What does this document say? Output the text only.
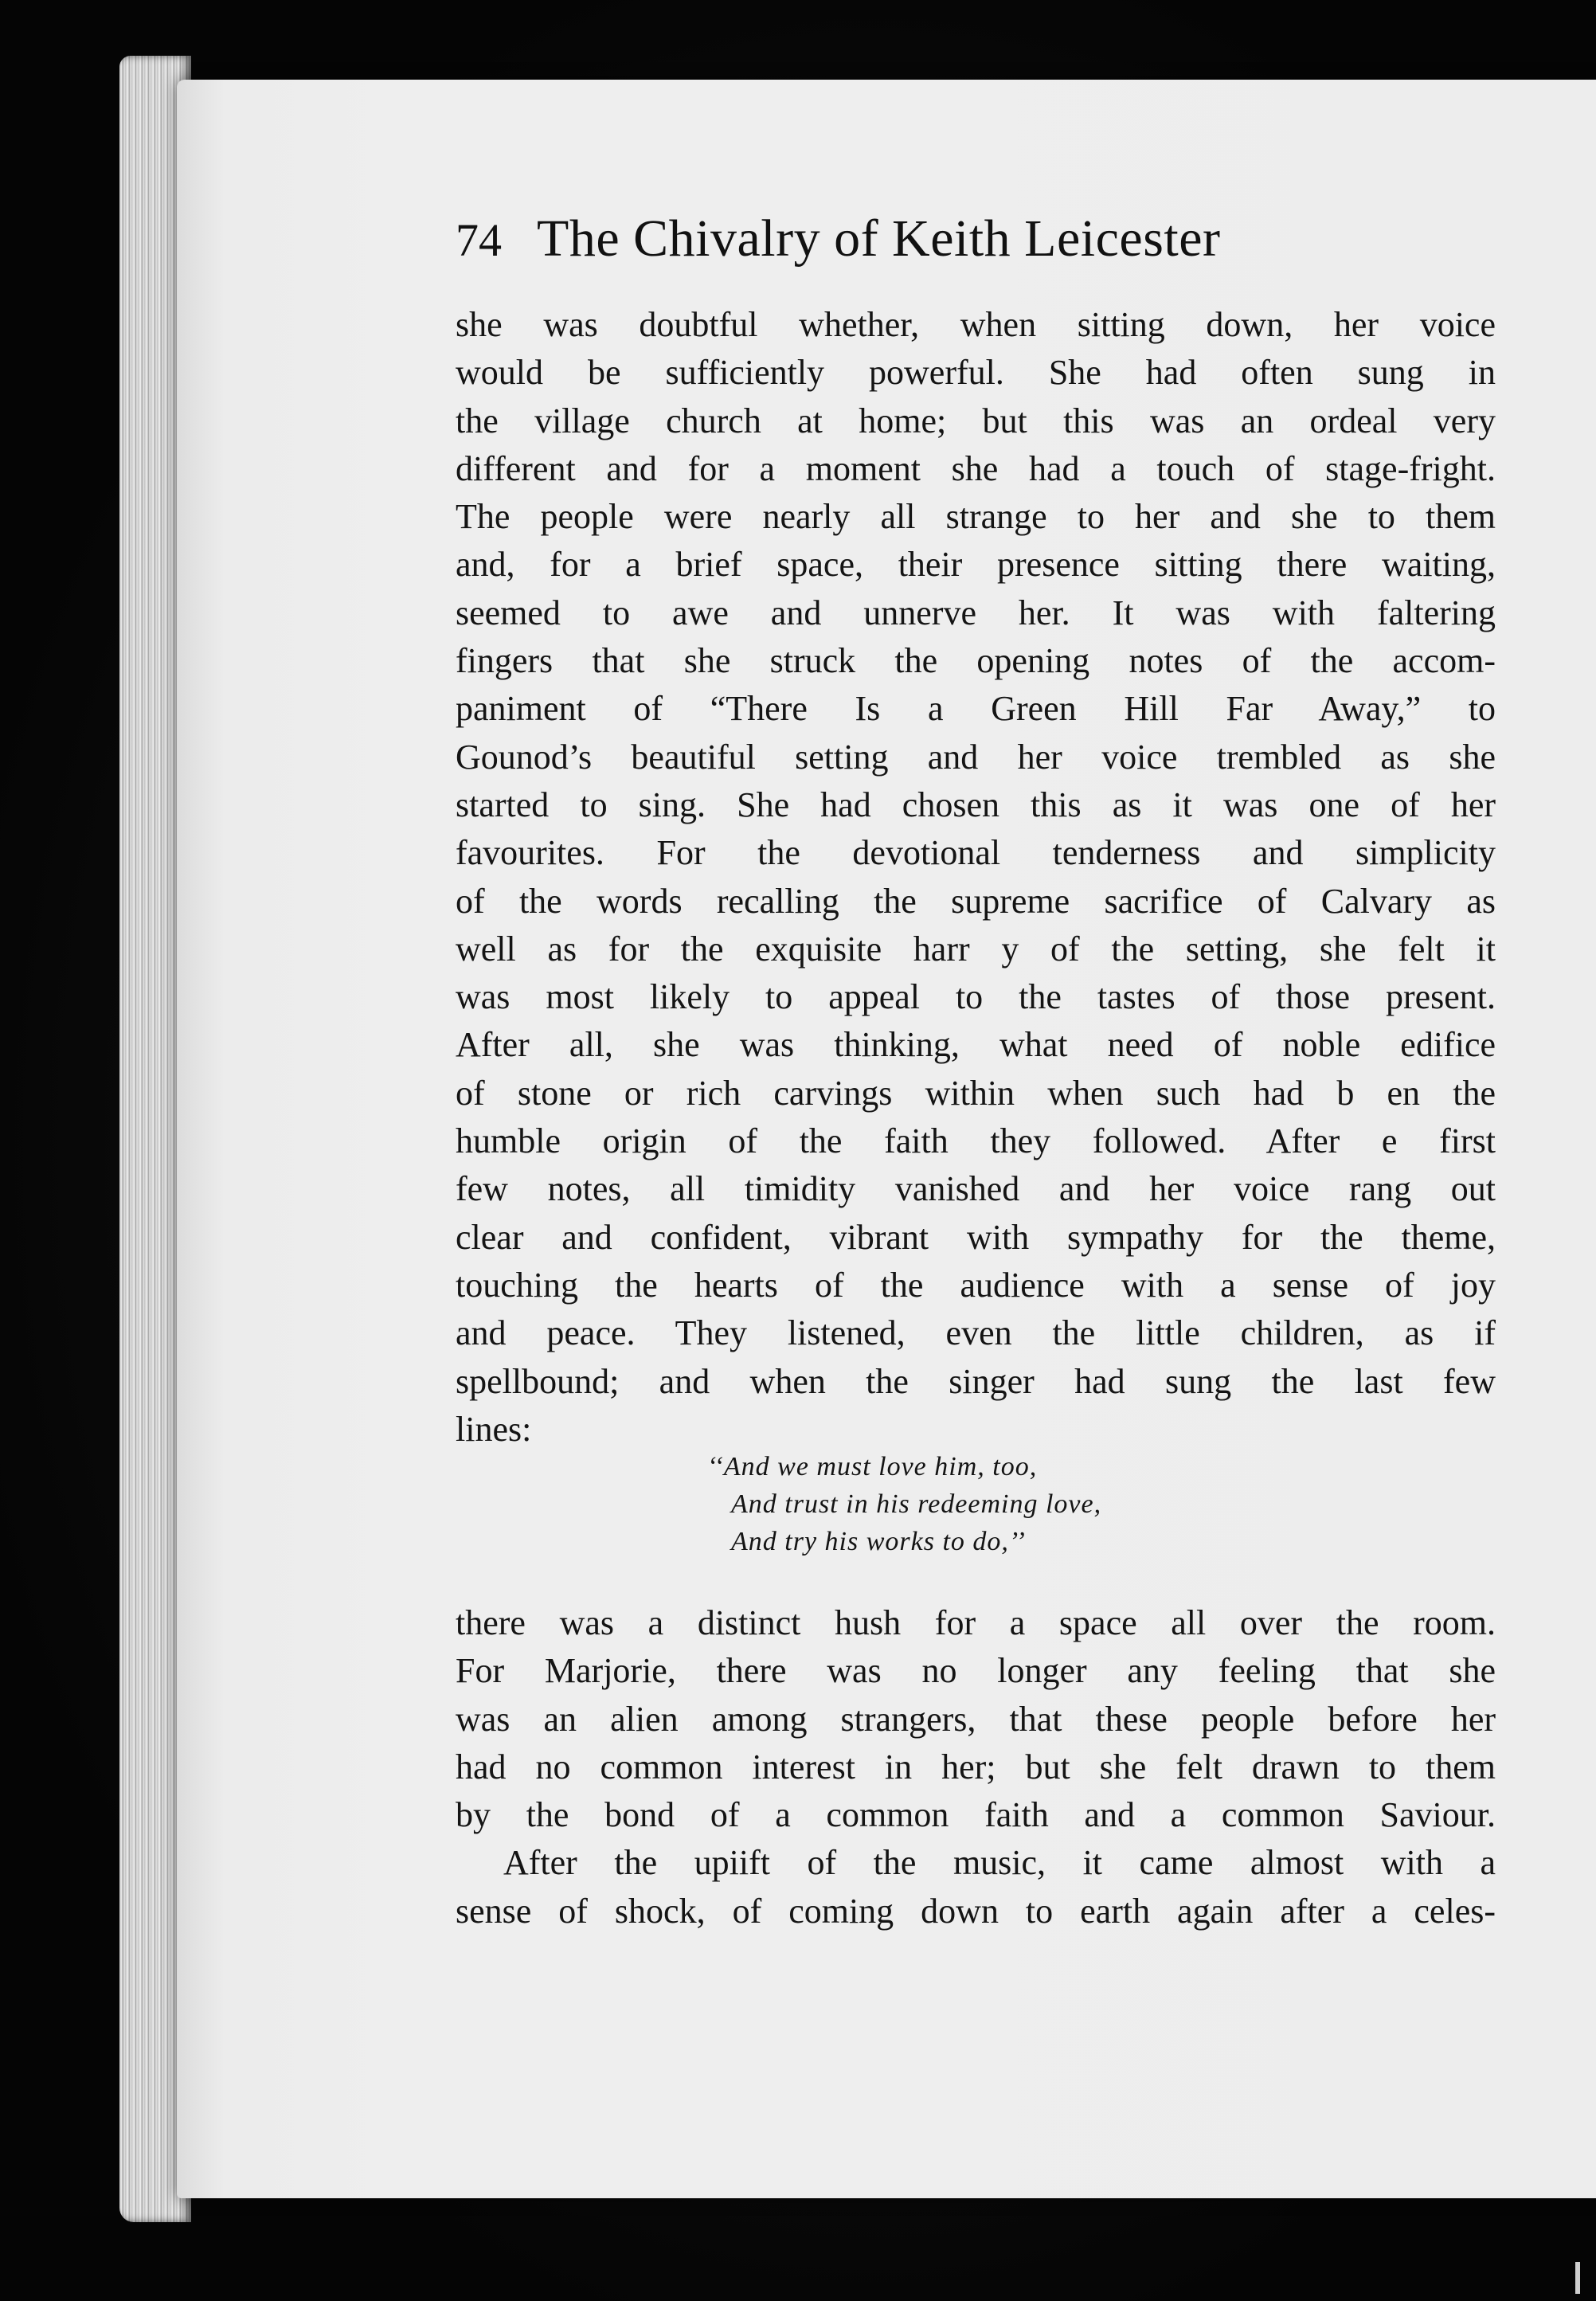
74 The Chivalry of Keith Leicester
she was doubtful whether, when sitting down, her voice
would be sufficiently powerful. She had often sung in
the village church at home; but this was an ordeal very
different and for a moment she had a touch of stage-fright.
The people were nearly all strange to her and she to them
and, for a brief space, their presence sitting there waiting,
seemed to awe and unnerve her. It was with faltering
fingers that she struck the opening notes of the accom-
paniment of “There Is a Green Hill Far Away,” to
Gounod’s beautiful setting and her voice trembled as she
started to sing. She had chosen this as it was one of her
favourites. For the devotional tenderness and simplicity
of the words recalling the supreme sacrifice of Calvary as
well as for the exquisite harr y of the setting, she felt it
was most likely to appeal to the tastes of those present.
After all, she was thinking, what need of noble edifice
of stone or rich carvings within when such had b en the
humble origin of the faith they followed. After e first
few notes, all timidity vanished and her voice rang out
clear and confident, vibrant with sympathy for the theme,
touching the hearts of the audience with a sense of joy
and peace. They listened, even the little children, as if
spellbound; and when the singer had sung the last few
lines:
‘‘And we must love him, too,
And trust in his redeeming love,
And try his works to do,’’
there was a distinct hush for a space all over the room.
For Marjorie, there was no longer any feeling that she
was an alien among strangers, that these people before her
had no common interest in her; but she felt drawn to them
by the bond of a common faith and a common Saviour.
After the upiift of the music, it came almost with a
sense of shock, of coming down to earth again after a celes-
